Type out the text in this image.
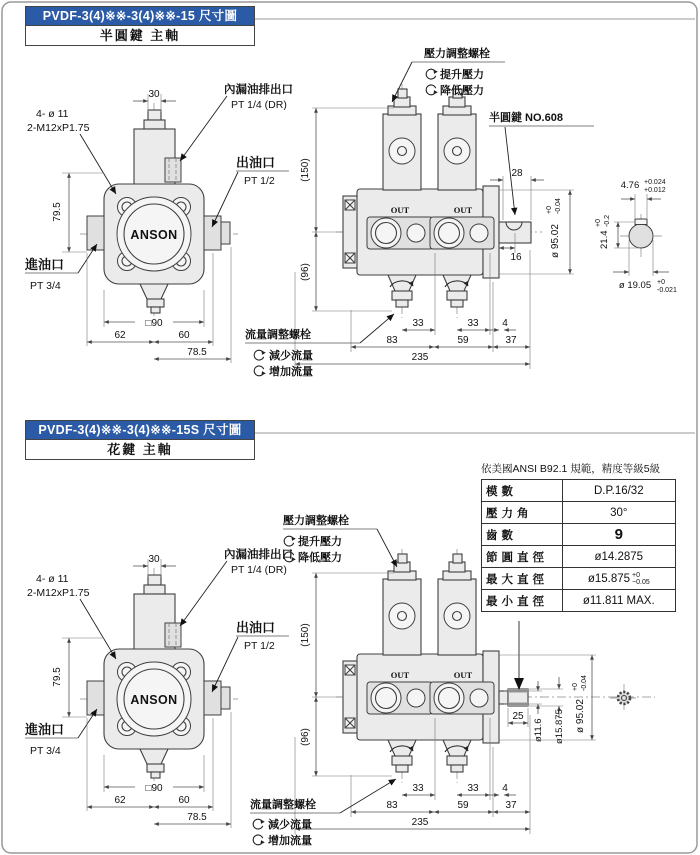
28
16	ø 95.02
+0 -0.04
半圓鍵 NO.608
4.76 +0.024
+0.012
21.4
+0 -0.2
ø 19.05 +0
-0.021
壓力調整螺栓
提升壓力
降低壓力
流量調整螺栓
減少流量
增加流量
25
ø11.6 ø15.875 ø 95.02
+0 -0.04
壓力調整螺栓
提升壓力
降低壓力
流量調整螺栓
減少流量
增加流量
PVDF-3(4)※※-3(4)※※-15 尺寸圖
半圓鍵 主軸
PVDF-3(4)※※-3(4)※※-15S 尺寸圖
花鍵 主軸
依美國ANSI B92.1 規範，精度等級5級
模數	D.P.16/32
壓力角	30°
齒數	9
節圓直徑	ø14.2875
最大直徑	ø15.875 +0
−0.05

最小直徑	ø11.811 MAX.
